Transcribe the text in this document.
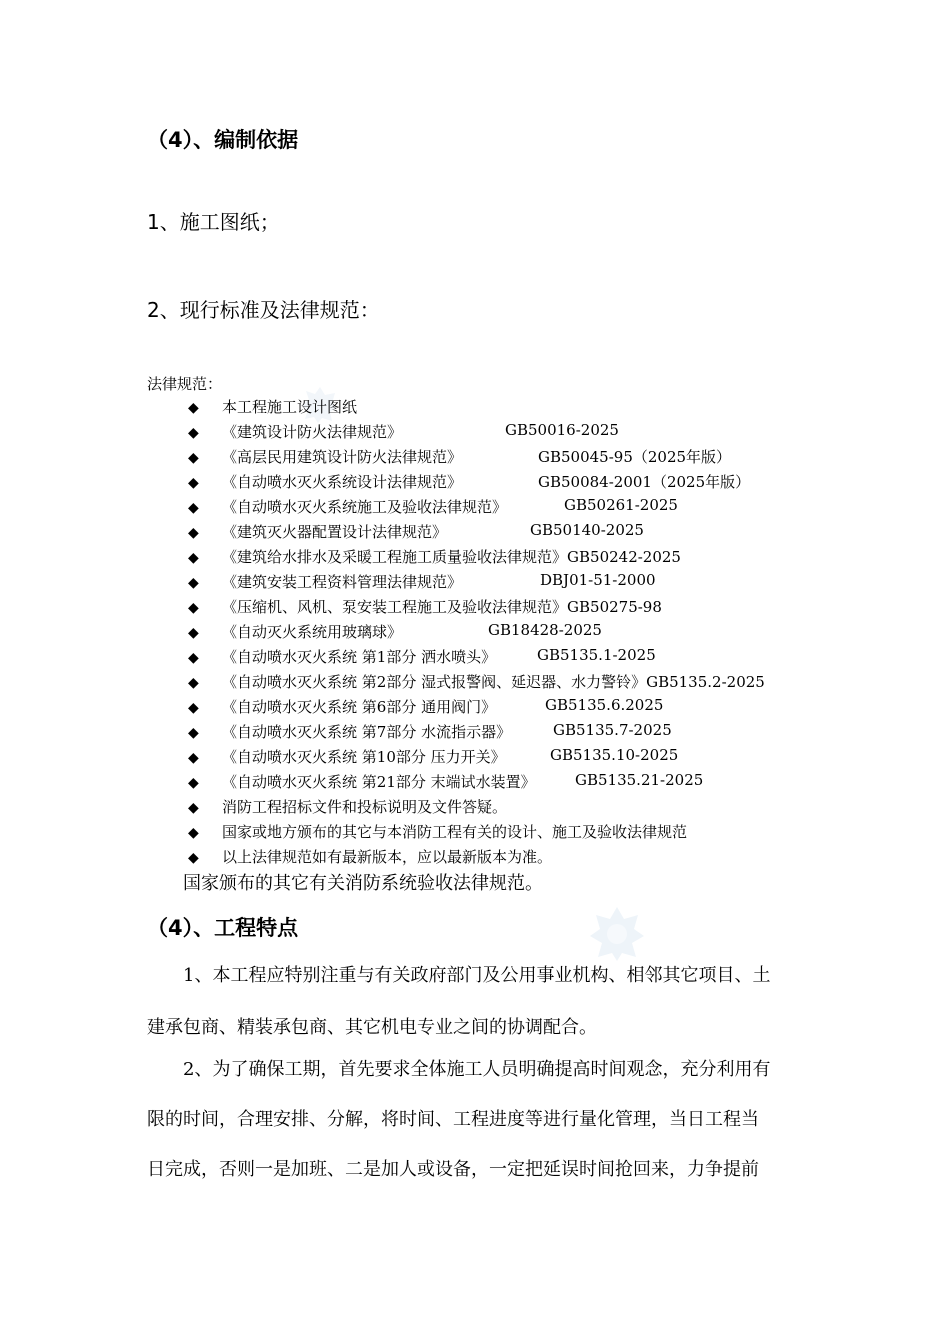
（4）、编制依据
1、施工图纸；
2、现行标准及法律规范：
法律规范：
◆ 本工程施工设计图纸
◆ 《建筑设计防火法律规范》	GB50016-2025
◆ 《高层民用建筑设计防火法律规范》	GB50045-95（2025年版）
◆ 《自动喷水灭火系统设计法律规范》	GB50084-2001（2025年版）
◆ 《自动喷水灭火系统施工及验收法律规范》	GB50261-2025
◆ 《建筑灭火器配置设计法律规范》	GB50140-2025
◆ 《建筑给水排水及采暖工程施工质量验收法律规范》GB50242-2025
◆ 《建筑安装工程资料管理法律规范》	DBJ01-51-2000
◆ 《压缩机、风机、泵安装工程施工及验收法律规范》GB50275-98
◆ 《自动灭火系统用玻璃球》	GB18428-2025
◆ 《自动喷水灭火系统 第1部分 洒水喷头》	GB5135.1-2025
◆ 《自动喷水灭火系统 第2部分 湿式报警阀、延迟器、水力警铃》GB5135.2-2025
◆ 《自动喷水灭火系统 第6部分 通用阀门》	GB5135.6.2025
◆ 《自动喷水灭火系统 第7部分 水流指示器》	GB5135.7-2025
◆ 《自动喷水灭火系统 第10部分 压力开关》	GB5135.10-2025
◆ 《自动喷水灭火系统 第21部分 末端试水装置》	GB5135.21-2025
◆ 消防工程招标文件和投标说明及文件答疑。
◆ 国家或地方颁布的其它与本消防工程有关的设计、施工及验收法律规范
◆ 以上法律规范如有最新版本，应以最新版本为准。
国家颁布的其它有关消防系统验收法律规范。
（4）、工程特点
1、本工程应特别注重与有关政府部门及公用事业机构、相邻其它项目、土
建承包商、精装承包商、其它机电专业之间的协调配合。
2、为了确保工期，首先要求全体施工人员明确提高时间观念，充分利用有
限的时间，合理安排、分解，将时间、工程进度等进行量化管理，当日工程当
日完成，否则一是加班、二是加人或设备，一定把延误时间抢回来，力争提前
